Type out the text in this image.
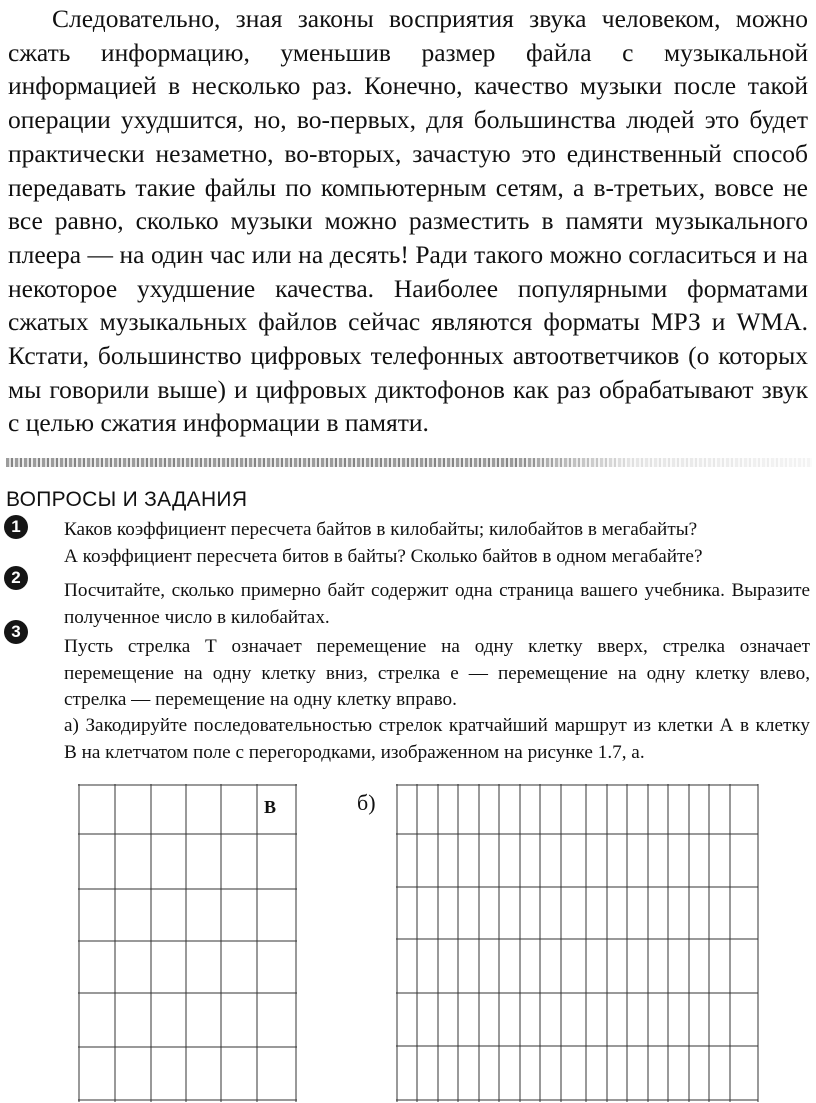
Следовательно, зная законы восприятия звука человеком, можно сжать информацию, уменьшив размер файла с музыкальной информацией в несколько раз. Конечно, качество музыки после такой операции ухудшится, но, во-первых, для большинства людей это будет практически незаметно, во-вторых, зачастую это единственный способ передавать такие файлы по компьютерным сетям, а в-третьих, вовсе не все равно, сколько музыки можно разместить в памяти музыкального плеера — на один час или на десять! Ради такого можно согласиться и на некоторое ухудшение качества. Наиболее популярными форматами сжатых музыкальных файлов сейчас являются форматы МРЗ и WMA. Кстати, большинство цифровых телефонных автоответчиков (о которых мы говорили выше) и цифровых диктофонов как раз обрабатывают звук с целью сжатия информации в памяти.

ВОПРОСЫ И ЗАДАНИЯ
1	Каков коэффициент пересчета байтов в килобайты; килобайтов в мегабайты?
А коэффициент пересчета битов в байты? Сколько байтов в одном мегабайте?

2

Посчитайте, сколько примерно байт содержит одна страница вашего учебника. Выразите полученное число в килобайтах.

3

Пусть стрелка Т означает перемещение на одну клетку вверх, стрелка означает перемещение на одну клетку вниз, стрелка е — перемещение на одну клетку влево, стрелка — перемещение на одну клетку вправо.

а) Закодируйте последовательностью стрелок кратчайший маршрут из клетки А в клетку В на клетчатом поле с перегородками, изображенном на рисунке 1.7, а.

В	б)
